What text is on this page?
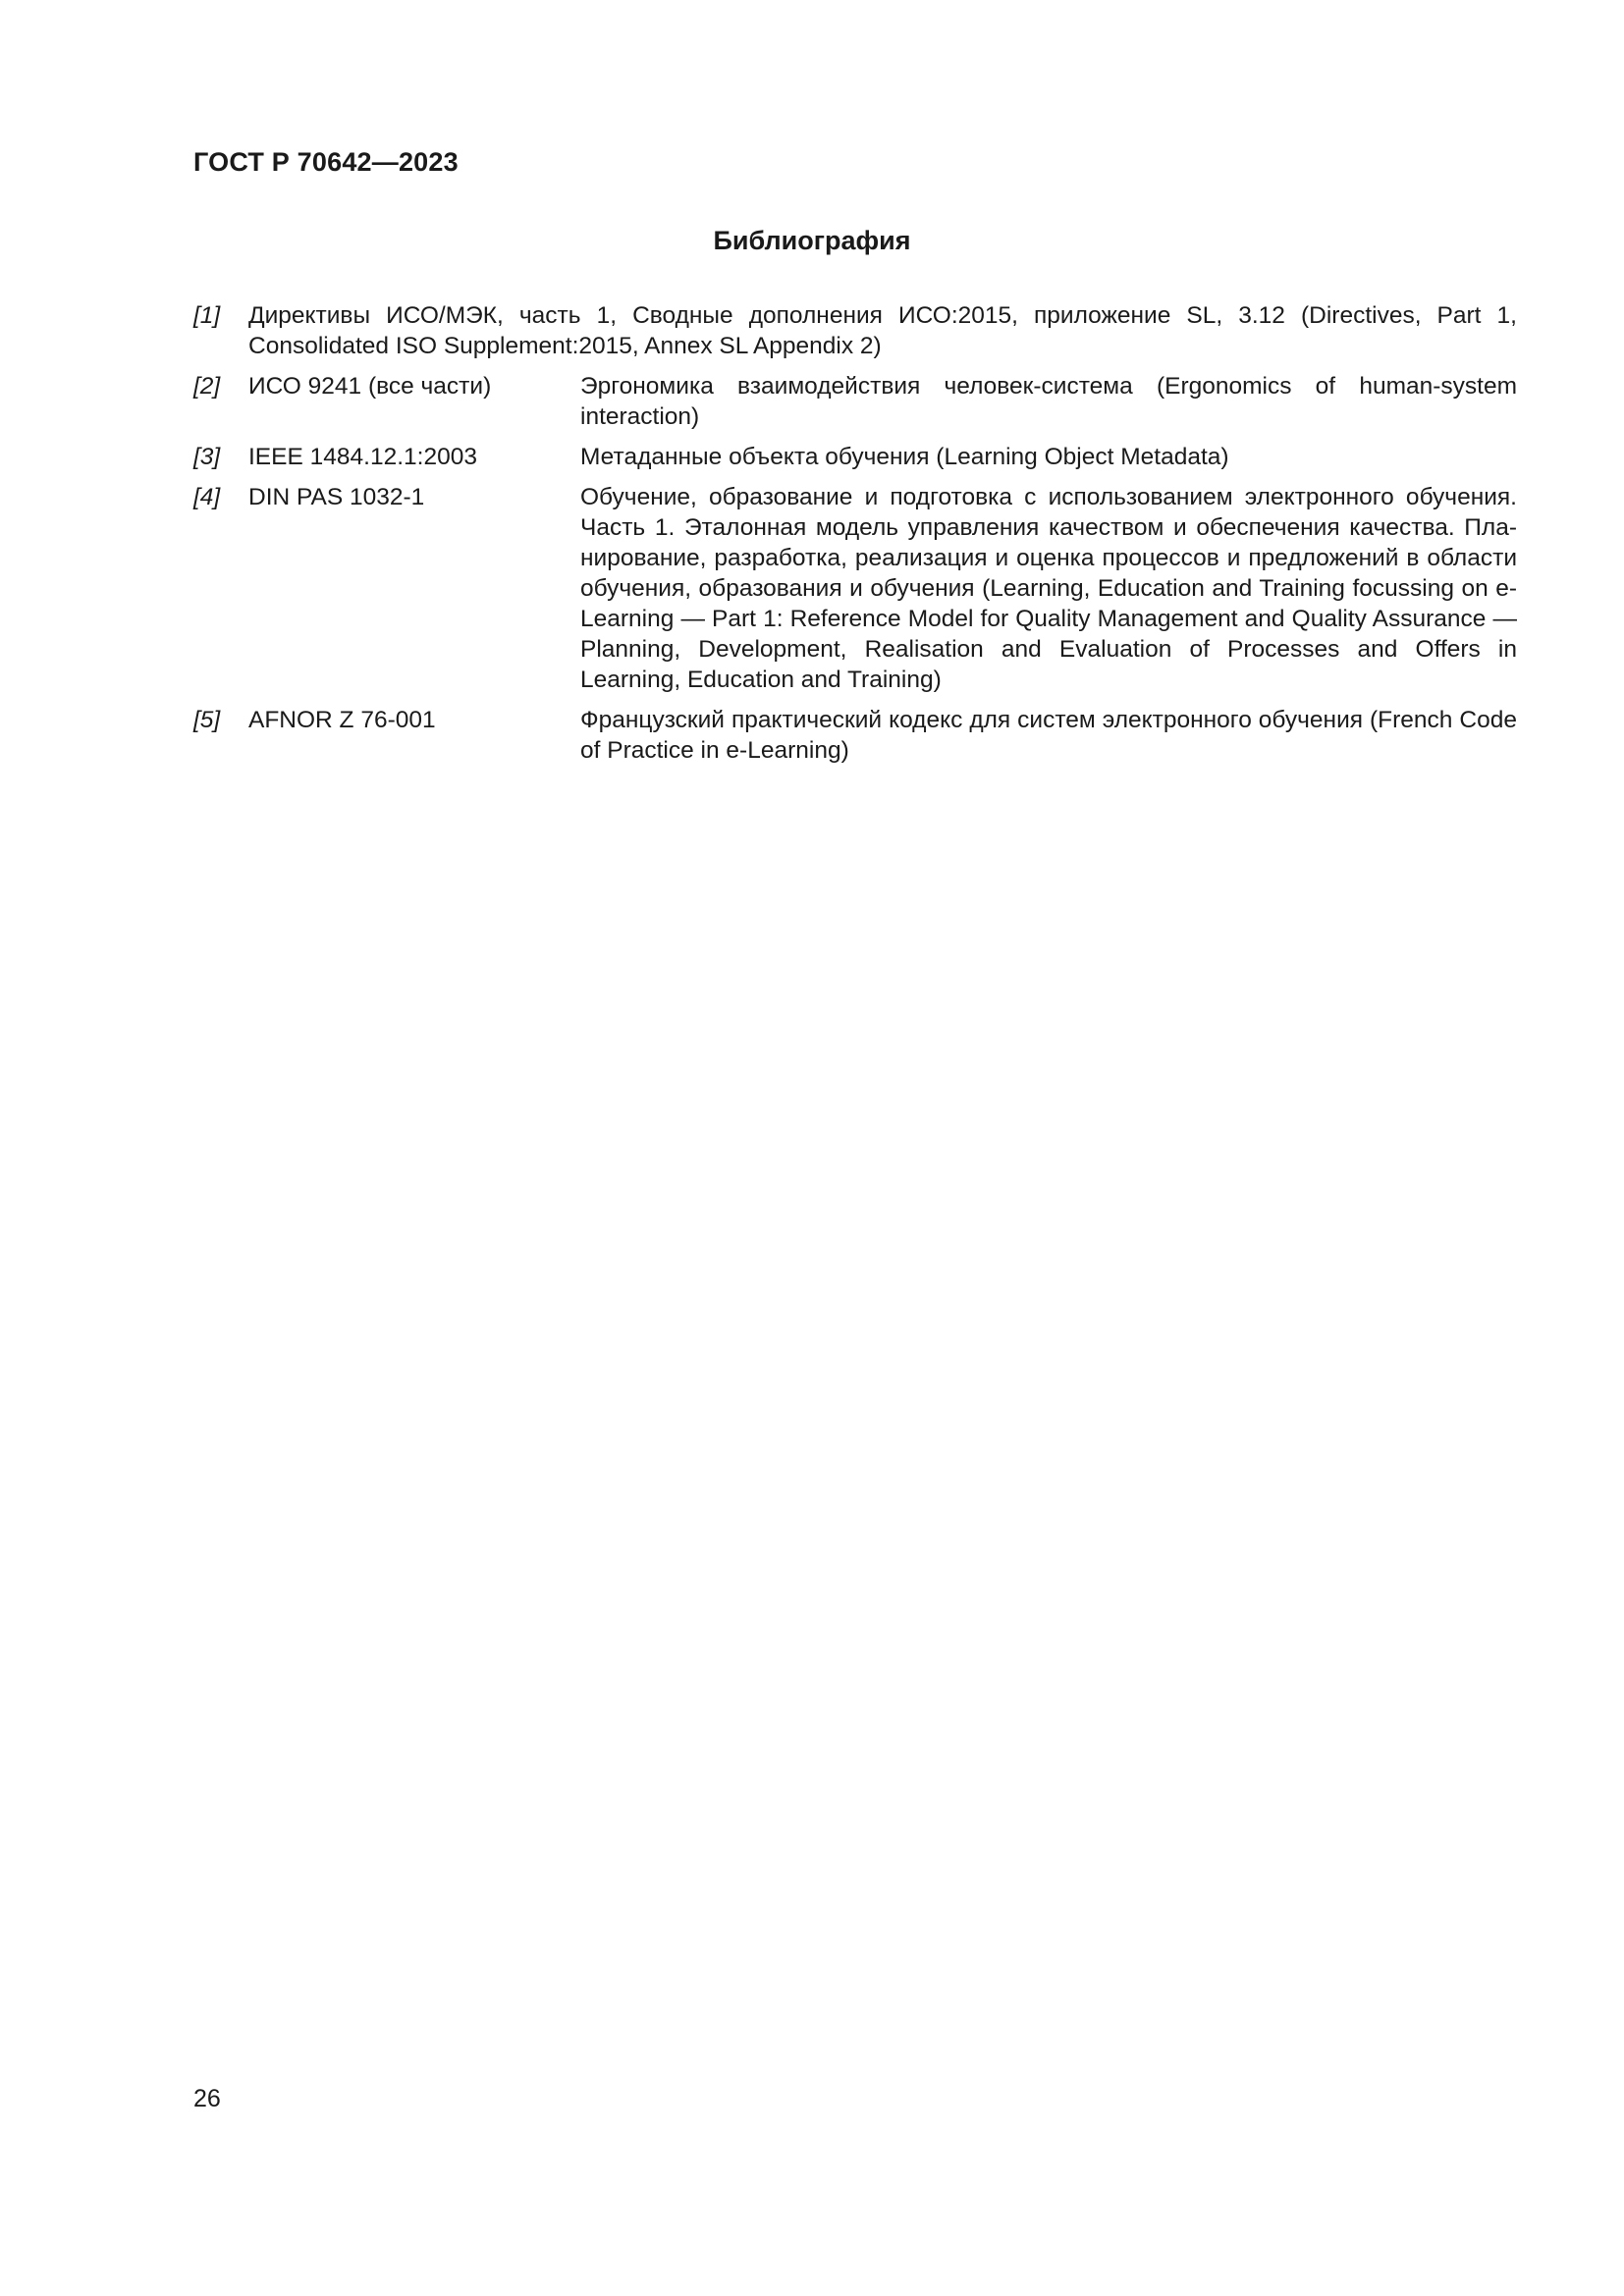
ГОСТ Р 70642—2023
Библиография
[1]	Директивы ИСО/МЭК, часть 1, Сводные дополнения ИСО:2015, приложение SL, 3.12 (Directives, Part 1, Consolidated ISO Supplement:2015, Annex SL Appendix 2)
[2]	ИСО 9241 (все части)	Эргономика взаимодействия человек-система (Ergonomics of human-system interaction)
[3]	IEEE 1484.12.1:2003	Метаданные объекта обучения (Learning Object Metadata)
[4]	DIN PAS 1032-1	Обучение, образование и подготовка с использованием электронного обучения. Часть 1. Эталонная модель управления качеством и обеспечения качества. Планирование, разработка, реализация и оценка процессов и предложений в области обучения, образования и обучения (Learning, Education and Training focussing on e-Learning — Part 1: Reference Model for Quality Management and Quality Assurance — Planning, Development, Realisation and Evaluation of Processes and Offers in Learning, Education and Training)
[5]	AFNOR Z 76-001	Французский практический кодекс для систем электронного обучения (French Code of Practice in e-Learning)
26
